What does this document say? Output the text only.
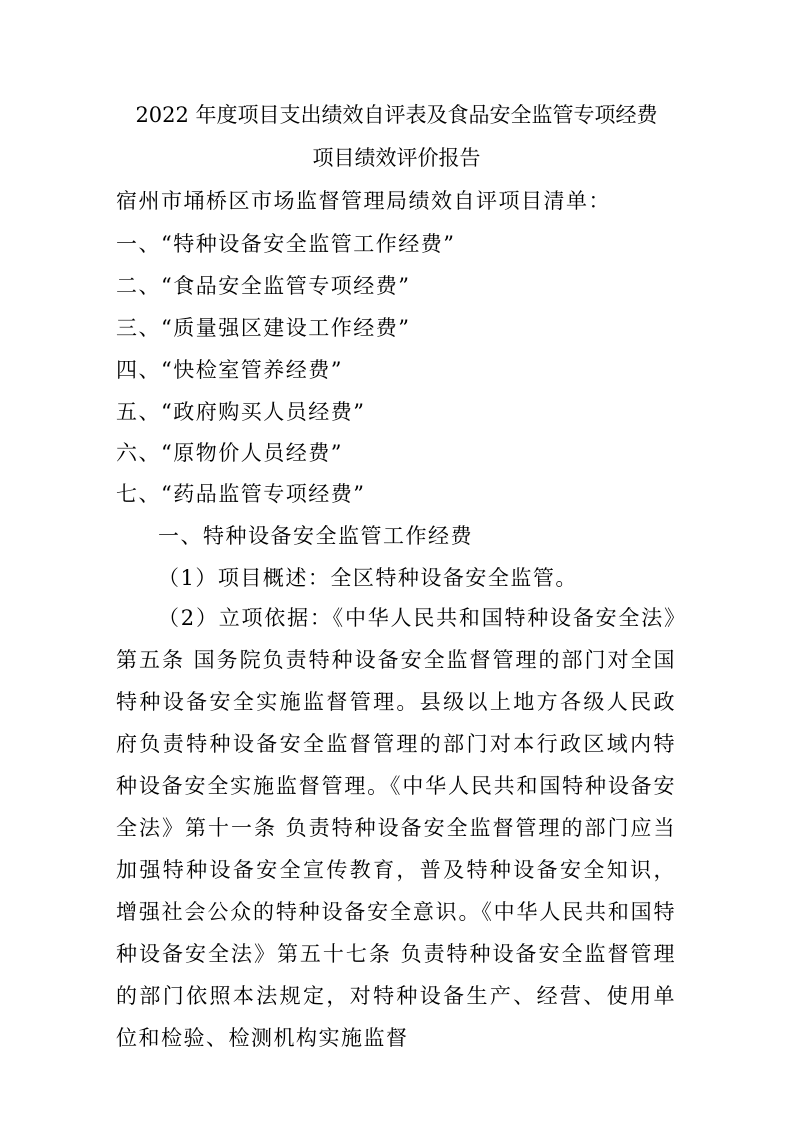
2022 年度项目支出绩效自评表及食品安全监管专项经费
项目绩效评价报告
宿州市埇桥区市场监督管理局绩效自评项目清单：
一、“特种设备安全监管工作经费”
二、“食品安全监管专项经费”
三、“质量强区建设工作经费”
四、“快检室管养经费”
五、“政府购买人员经费”
六、“原物价人员经费”
七、“药品监管专项经费”
一、特种设备安全监管工作经费
（1）项目概述：全区特种设备安全监管。
（2）立项依据：《中华人民共和国特种设备安全法》第五条 国务院负责特种设备安全监督管理的部门对全国特种设备安全实施监督管理。县级以上地方各级人民政府负责特种设备安全监督管理的部门对本行政区域内特种设备安全实施监督管理。《中华人民共和国特种设备安全法》第十一条 负责特种设备安全监督管理的部门应当加强特种设备安全宣传教育，普及特种设备安全知识，增强社会公众的特种设备安全意识。《中华人民共和国特种设备安全法》第五十七条 负责特种设备安全监督管理的部门依照本法规定，对特种设备生产、经营、使用单位和检验、检测机构实施监督
